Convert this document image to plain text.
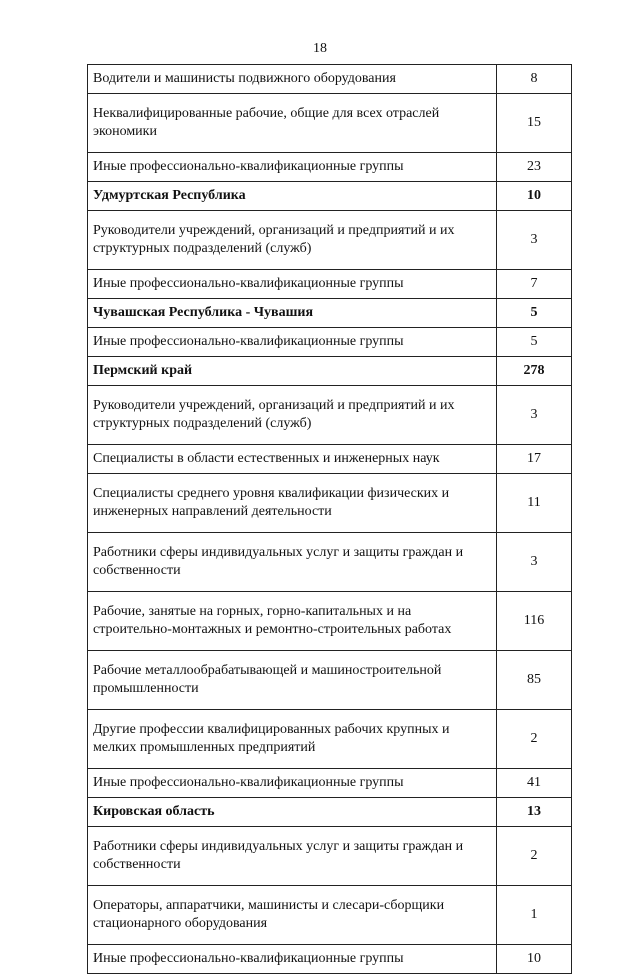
18
Водители и машинисты подвижного оборудования	8
Неквалифицированные рабочие, общие для всех отраслей экономики	15
Иные профессионально-квалификационные группы	23
Удмуртская Республика	10
Руководители учреждений, организаций и предприятий и их структурных подразделений (служб)	3
Иные профессионально-квалификационные группы	7
Чувашская Республика - Чувашия	5
Иные профессионально-квалификационные группы	5
Пермский край	278
Руководители учреждений, организаций и предприятий и их структурных подразделений (служб)	3
Специалисты в области естественных и инженерных наук	17
Специалисты среднего уровня квалификации физических и инженерных направлений деятельности	11
Работники сферы индивидуальных услуг и защиты граждан и собственности	3
Рабочие, занятые на горных, горно-капитальных и на строительно-монтажных и ремонтно-строительных работах	116
Рабочие металлообрабатывающей и машиностроительной промышленности	85
Другие профессии квалифицированных рабочих крупных и мелких промышленных предприятий	2
Иные профессионально-квалификационные группы	41
Кировская область	13
Работники сферы индивидуальных услуг и защиты граждан и собственности	2
Операторы, аппаратчики, машинисты и слесари-сборщики стационарного оборудования	1
Иные профессионально-квалификационные группы	10
